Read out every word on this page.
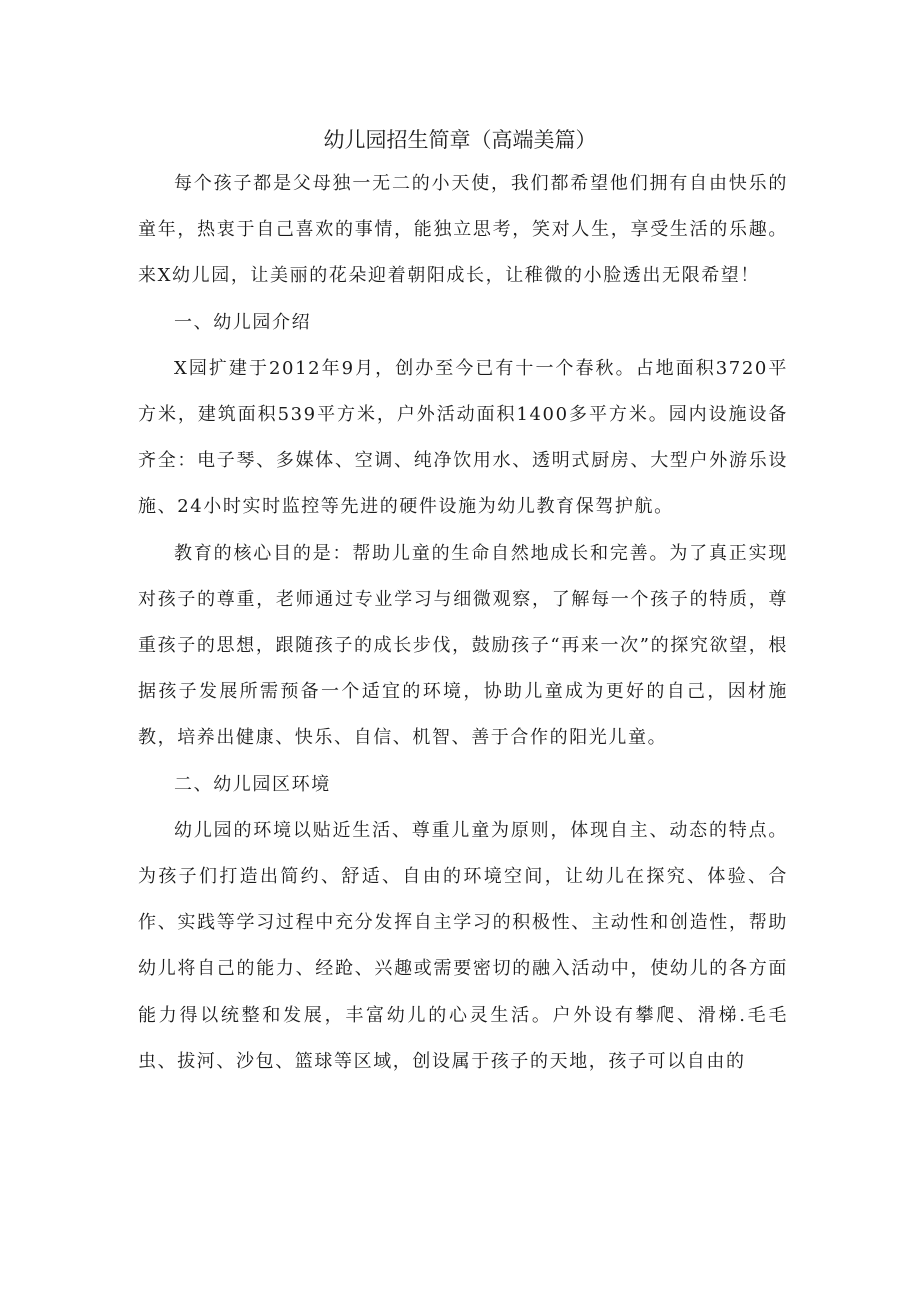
幼儿园招生简章（高端美篇）

每个孩子都是父母独一无二的小天使，我们都希望他们拥有自由快乐的童年，热衷于自己喜欢的事情，能独立思考，笑对人生，享受生活的乐趣。来X幼儿园，让美丽的花朵迎着朝阳成长，让稚微的小脸透出无限希望！

一、幼儿园介绍

X园扩建于2012年9月，创办至今已有十一个春秋。占地面积3720平方米，建筑面积539平方米，户外活动面积1400多平方米。园内设施设备齐全：电子琴、多媒体、空调、纯净饮用水、透明式厨房、大型户外游乐设施、24小时实时监控等先进的硬件设施为幼儿教育保驾护航。

教育的核心目的是：帮助儿童的生命自然地成长和完善。为了真正实现对孩子的尊重，老师通过专业学习与细微观察，了解每一个孩子的特质，尊重孩子的思想，跟随孩子的成长步伐，鼓励孩子“再来一次”的探究欲望，根据孩子发展所需预备一个适宜的环境，协助儿童成为更好的自己，因材施教，培养出健康、快乐、自信、机智、善于合作的阳光儿童。

二、幼儿园区环境

幼儿园的环境以贴近生活、尊重儿童为原则，体现自主、动态的特点。为孩子们打造出简约、舒适、自由的环境空间，让幼儿在探究、体验、合作、实践等学习过程中充分发挥自主学习的积极性、主动性和创造性，帮助幼儿将自己的能力、经跄、兴趣或需要密切的融入活动中，使幼儿的各方面能力得以统整和发展，丰富幼儿的心灵生活。户外设有攀爬、滑梯.毛毛虫、拔河、沙包、篮球等区域，创设属于孩子的天地，孩子可以自由的
